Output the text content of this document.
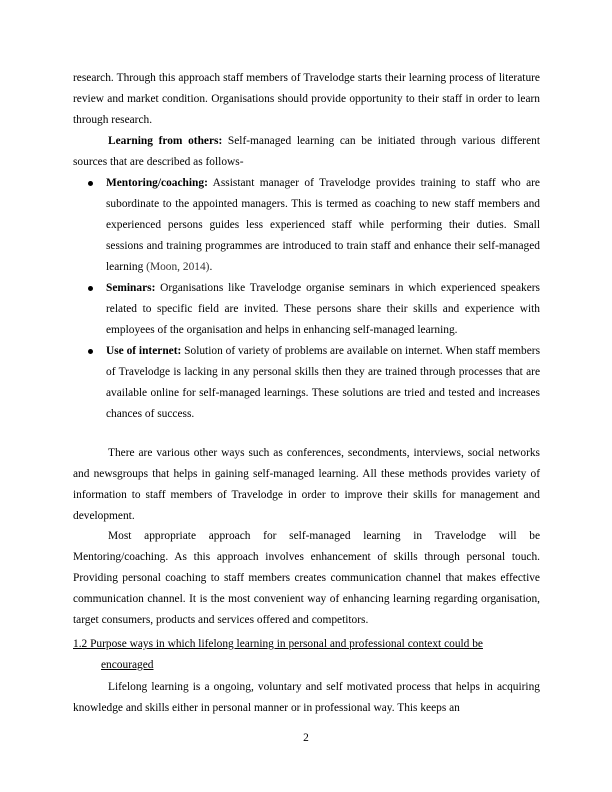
research. Through this approach staff members of Travelodge starts their learning process of literature review and market condition. Organisations should provide opportunity to their staff in order to learn through research.

Learning from others: Self-managed learning can be initiated through various different sources that are described as follows-

Mentoring/coaching: Assistant manager of Travelodge provides training to staff who are subordinate to the appointed managers. This is termed as coaching to new staff members and experienced persons guides less experienced staff while performing their duties. Small sessions and training programmes are introduced to train staff and enhance their self-managed learning (Moon, 2014).
Seminars: Organisations like Travelodge organise seminars in which experienced speakers related to specific field are invited. These persons share their skills and experience with employees of the organisation and helps in enhancing self-managed learning.
Use of internet: Solution of variety of problems are available on internet. When staff members of Travelodge is lacking in any personal skills then they are trained through processes that are available online for self-managed learnings. These solutions are tried and tested and increases chances of success.

There are various other ways such as conferences, secondments, interviews, social networks and newsgroups that helps in gaining self-managed learning. All these methods provides variety of information to staff members of Travelodge in order to improve their skills for management and development.

Most appropriate approach for self-managed learning in Travelodge will be Mentoring/coaching. As this approach involves enhancement of skills through personal touch. Providing personal coaching to staff members creates communication channel that makes effective communication channel. It is the most convenient way of enhancing learning regarding organisation, target consumers, products and services offered and competitors.

1.2 Purpose ways in which lifelong learning in personal and professional context could be
encouraged

Lifelong learning is a ongoing, voluntary and self motivated process that helps in acquiring knowledge and skills either in personal manner or in professional way. This keeps an

2
